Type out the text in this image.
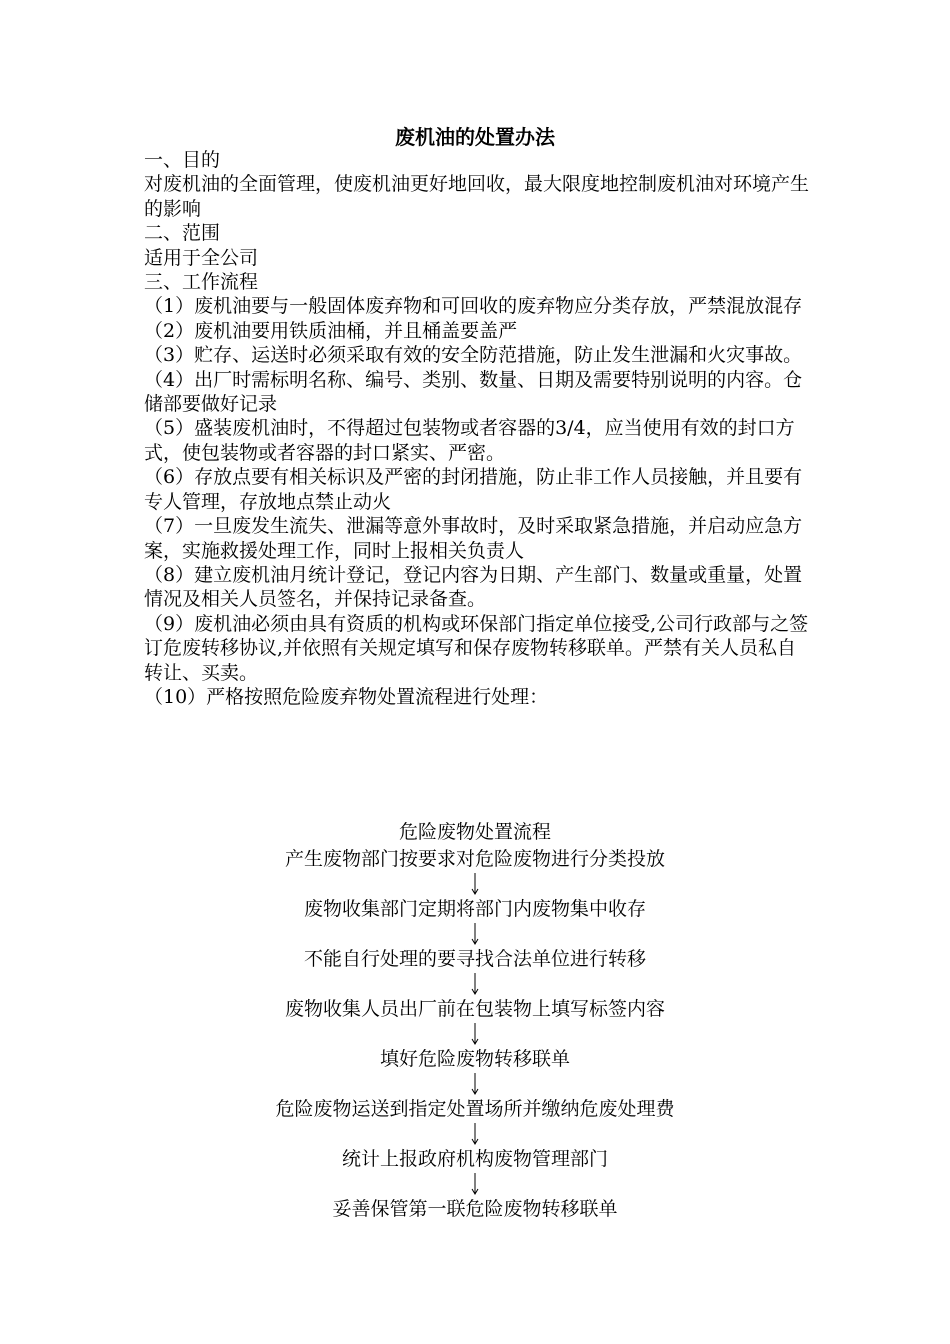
废机油的处置办法

一、目的

对废机油的全面管理，使废机油更好地回收，最大限度地控制废机油对环境产生的影响

二、范围

适用于全公司

三、工作流程

（1）废机油要与一般固体废弃物和可回收的废弃物应分类存放，严禁混放混存

（2）废机油要用铁质油桶，并且桶盖要盖严

（3）贮存、运送时必须采取有效的安全防范措施，防止发生泄漏和火灾事故。

（4）出厂时需标明名称、编号、类别、数量、日期及需要特别说明的内容。仓储部要做好记录

（5）盛装废机油时，不得超过包装物或者容器的3/4，应当使用有效的封口方式，使包装物或者容器的封口紧实、严密。

（6）存放点要有相关标识及严密的封闭措施，防止非工作人员接触，并且要有专人管理，存放地点禁止动火

（7）一旦废发生流失、泄漏等意外事故时，及时采取紧急措施，并启动应急方案，实施救援处理工作，同时上报相关负责人

（8）建立废机油月统计登记，登记内容为日期、产生部门、数量或重量，处置情况及相关人员签名，并保持记录备查。

（9）废机油必须由具有资质的机构或环保部门指定单位接受,公司行政部与之签订危废转移协议,并依照有关规定填写和保存废物转移联单。严禁有关人员私自转让、买卖。

（10）严格按照危险废弃物处置流程进行处理：

危险废物处置流程

产生废物部门按要求对危险废物进行分类投放

废物收集部门定期将部门内废物集中收存

不能自行处理的要寻找合法单位进行转移

废物收集人员出厂前在包装物上填写标签内容

填好危险废物转移联单

危险废物运送到指定处置场所并缴纳危废处理费

统计上报政府机构废物管理部门

妥善保管第一联危险废物转移联单
